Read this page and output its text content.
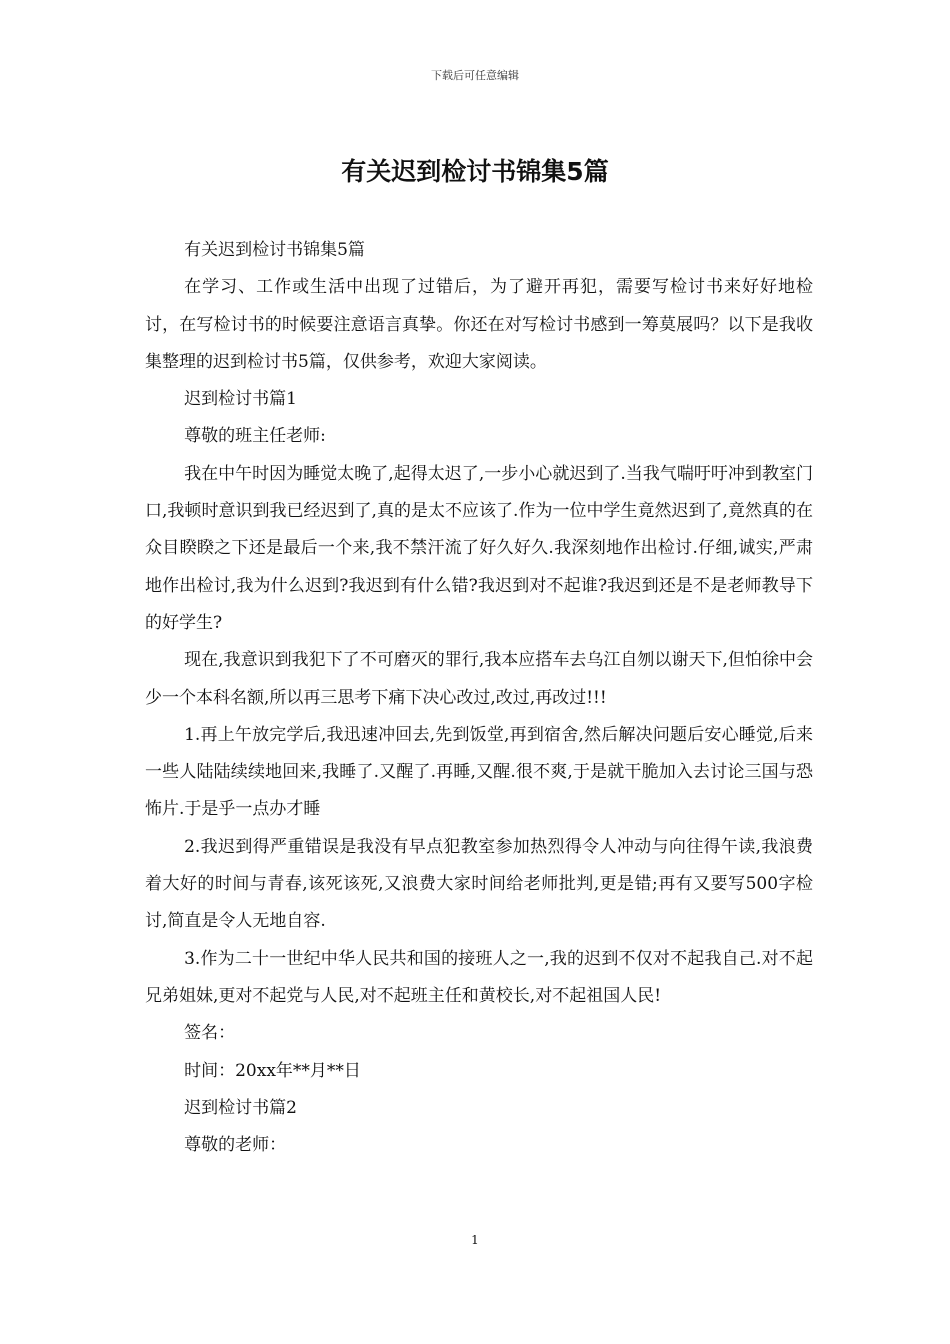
下载后可任意编辑
有关迟到检讨书锦集5篇

有关迟到检讨书锦集5篇

在学习、工作或生活中出现了过错后，为了避开再犯，需要写检讨书来好好地检讨，在写检讨书的时候要注意语言真挚。你还在对写检讨书感到一筹莫展吗？以下是我收集整理的迟到检讨书5篇，仅供参考，欢迎大家阅读。

迟到检讨书篇1

尊敬的班主任老师:

我在中午时因为睡觉太晚了,起得太迟了,一步小心就迟到了.当我气喘吁吁冲到教室门口,我顿时意识到我已经迟到了,真的是太不应该了.作为一位中学生竟然迟到了,竟然真的在众目睽睽之下还是最后一个来,我不禁汗流了好久好久.我深刻地作出检讨.仔细,诚实,严肃地作出检讨,我为什么迟到?我迟到有什么错?我迟到对不起谁?我迟到还是不是老师教导下的好学生?

现在,我意识到我犯下了不可磨灭的罪行,我本应搭车去乌江自刎以谢天下,但怕徐中会少一个本科名额,所以再三思考下痛下决心改过,改过,再改过!!!

1.再上午放完学后,我迅速冲回去,先到饭堂,再到宿舍,然后解决问题后安心睡觉,后来一些人陆陆续续地回来,我睡了.又醒了.再睡,又醒.很不爽,于是就干脆加入去讨论三国与恐怖片.于是乎一点办才睡

2.我迟到得严重错误是我没有早点犯教室参加热烈得令人冲动与向往得午读,我浪费着大好的时间与青春,该死该死,又浪费大家时间给老师批判,更是错;再有又要写500字检讨,简直是令人无地自容.

3.作为二十一世纪中华人民共和国的接班人之一,我的迟到不仅对不起我自己.对不起兄弟姐妹,更对不起党与人民,对不起班主任和黄校长,对不起祖国人民!

签名：

时间：20xx年**月**日

迟到检讨书篇2

尊敬的老师：

1
